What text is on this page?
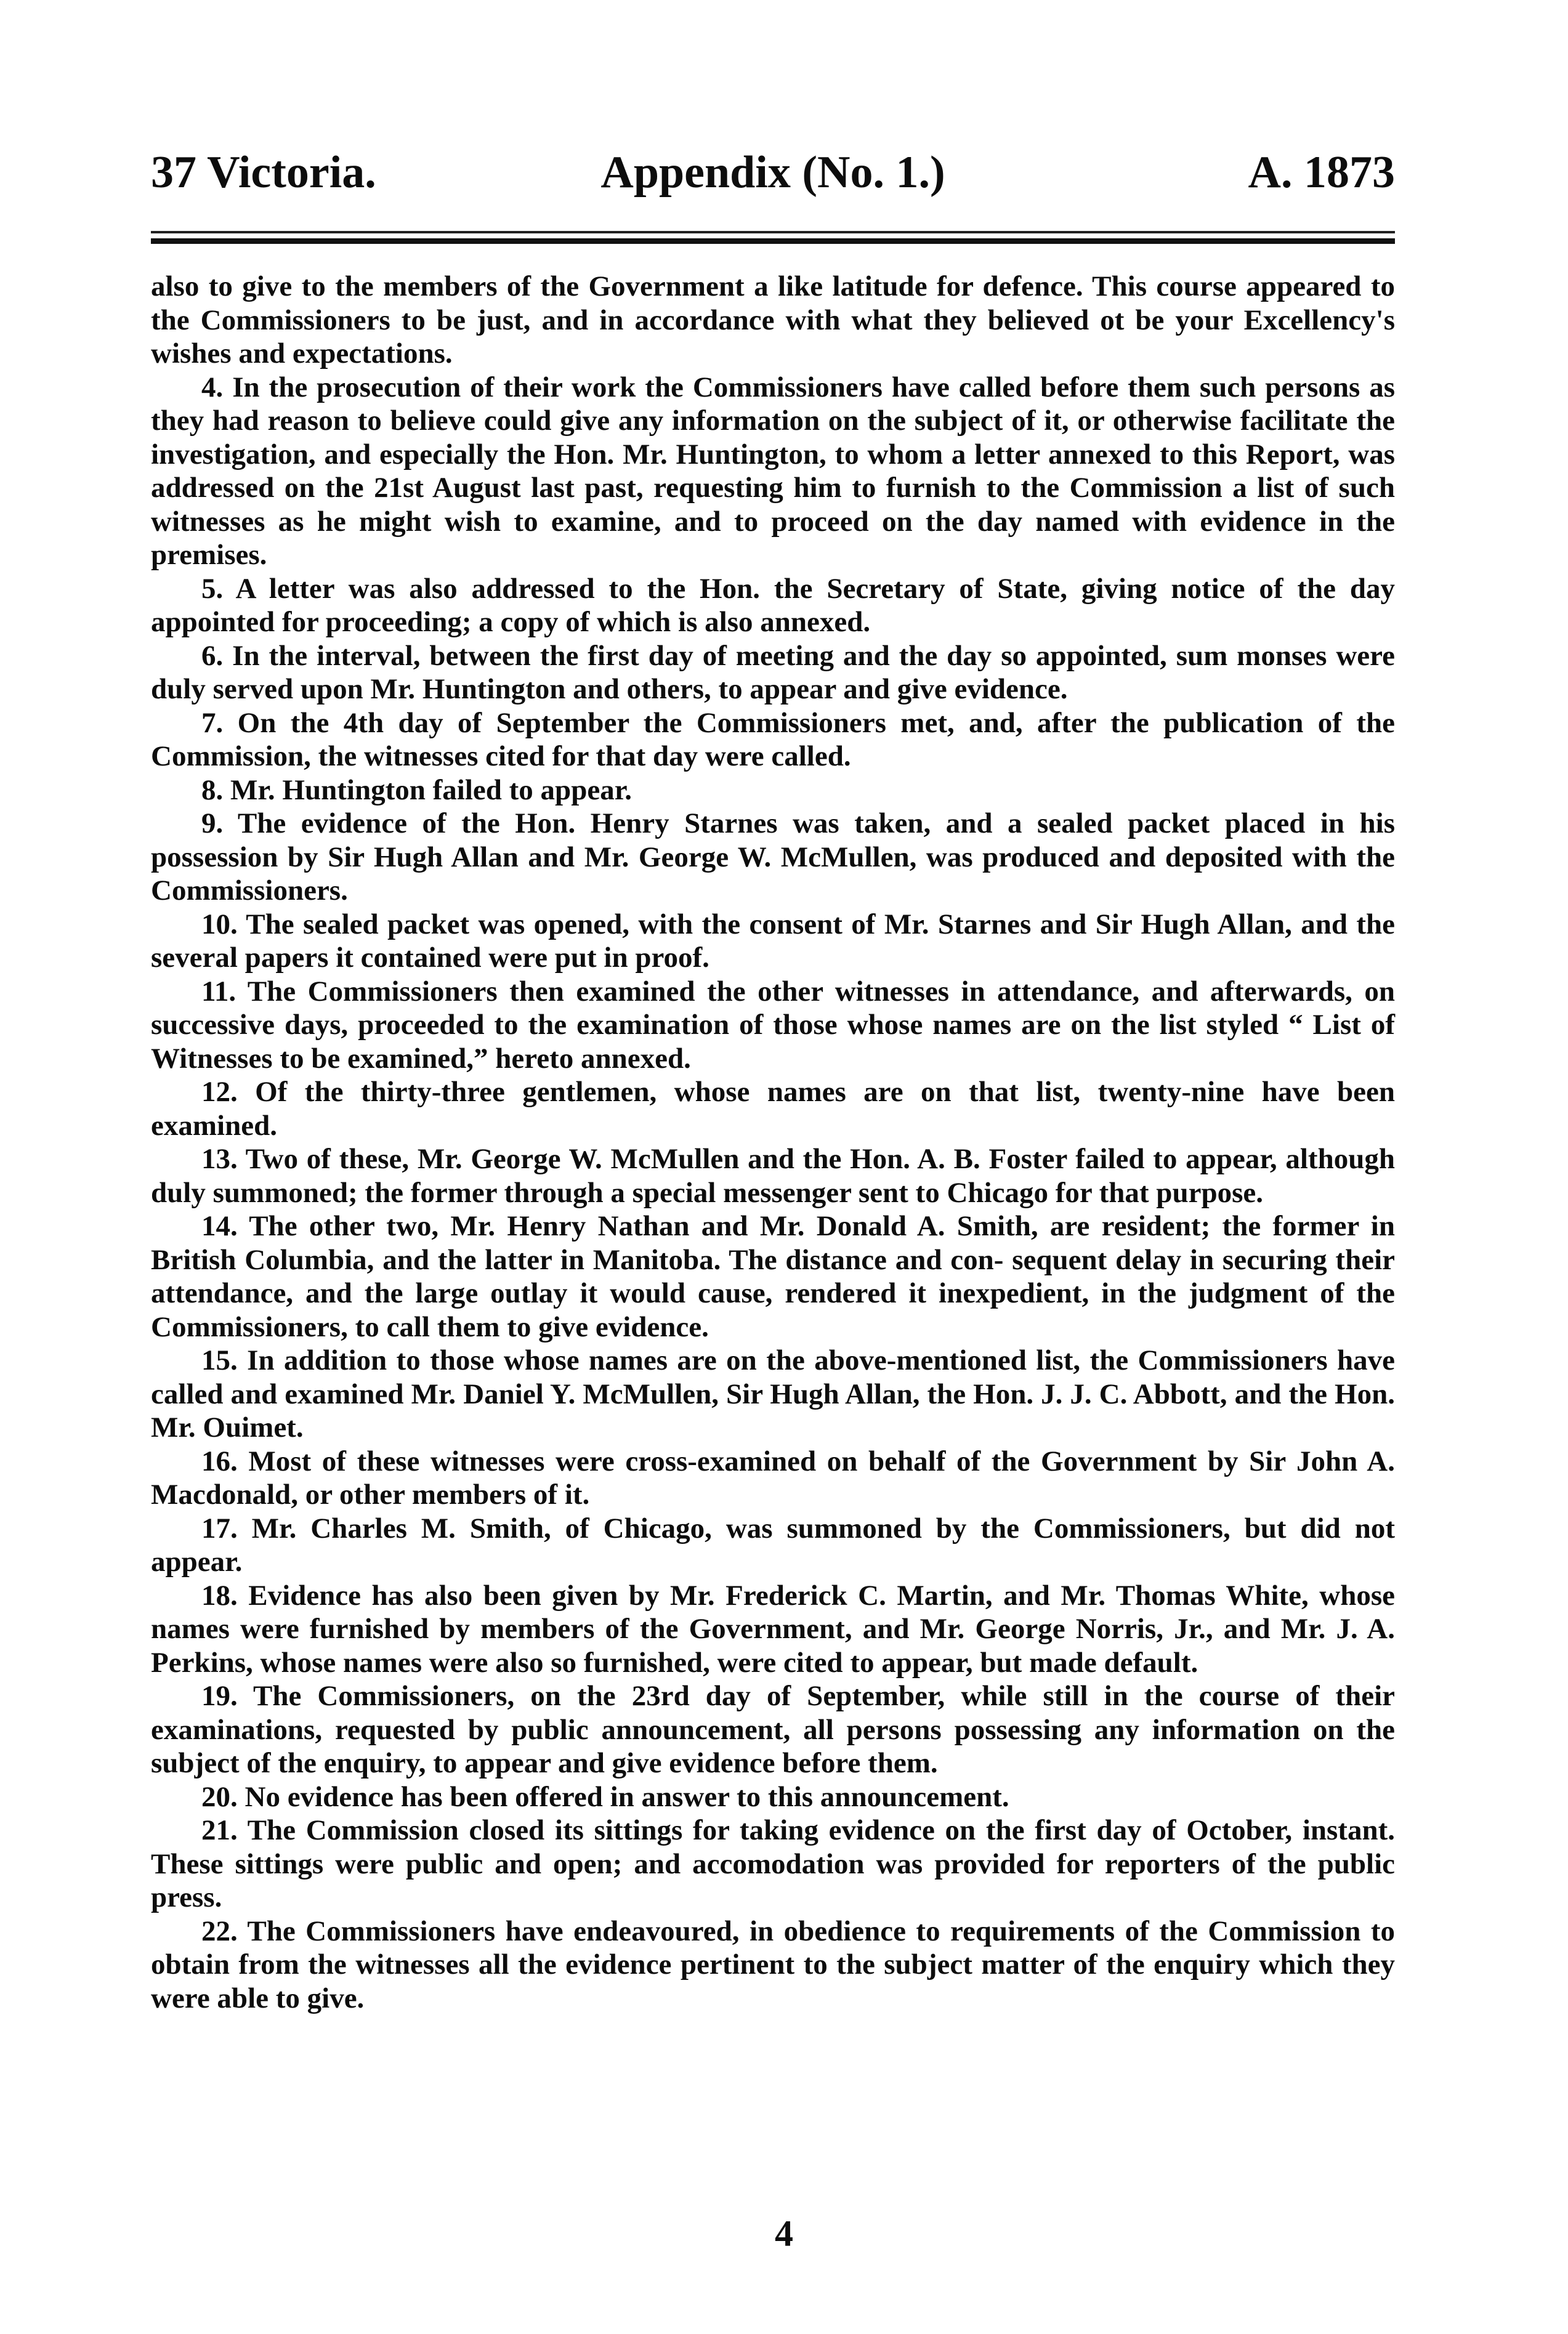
37 Victoria.	Appendix (No. 1.)	A. 1873

also to give to the members of the Government a like latitude for defence. This course appeared to the Commissioners to be just, and in accordance with what they believed ot be your Excellency's wishes and expectations.

4. In the prosecution of their work the Commissioners have called before them such persons as they had reason to believe could give any information on the subject of it, or otherwise facilitate the investigation, and especially the Hon. Mr. Huntington, to whom a letter annexed to this Report, was addressed on the 21st August last past, requesting him to furnish to the Commission a list of such witnesses as he might wish to examine, and to proceed on the day named with evidence in the premises.

5. A letter was also addressed to the Hon. the Secretary of State, giving notice of the day appointed for proceeding; a copy of which is also annexed.

6. In the interval, between the first day of meeting and the day so appointed, sum monses were duly served upon Mr. Huntington and others, to appear and give evidence.

7. On the 4th day of September the Commissioners met, and, after the publication of the Commission, the witnesses cited for that day were called.

8. Mr. Huntington failed to appear.

9. The evidence of the Hon. Henry Starnes was taken, and a sealed packet placed in his possession by Sir Hugh Allan and Mr. George W. McMullen, was produced and deposited with the Commissioners.

10. The sealed packet was opened, with the consent of Mr. Starnes and Sir Hugh Allan, and the several papers it contained were put in proof.

11. The Commissioners then examined the other witnesses in attendance, and afterwards, on successive days, proceeded to the examination of those whose names are on the list styled “ List of Witnesses to be examined,” hereto annexed.

12. Of the thirty-three gentlemen, whose names are on that list, twenty-nine have been examined.

13. Two of these, Mr. George W. McMullen and the Hon. A. B. Foster failed to appear, although duly summoned; the former through a special messenger sent to Chicago for that purpose.

14. The other two, Mr. Henry Nathan and Mr. Donald A. Smith, are resident; the former in British Columbia, and the latter in Manitoba. The distance and con- sequent delay in securing their attendance, and the large outlay it would cause, rendered it inexpedient, in the judgment of the Commissioners, to call them to give evidence.

15. In addition to those whose names are on the above-mentioned list, the Commissioners have called and examined Mr. Daniel Y. McMullen, Sir Hugh Allan, the Hon. J. J. C. Abbott, and the Hon. Mr. Ouimet.

16. Most of these witnesses were cross-examined on behalf of the Government by Sir John A. Macdonald, or other members of it.

17. Mr. Charles M. Smith, of Chicago, was summoned by the Commissioners, but did not appear.

18. Evidence has also been given by Mr. Frederick C. Martin, and Mr. Thomas White, whose names were furnished by members of the Government, and Mr. George Norris, Jr., and Mr. J. A. Perkins, whose names were also so furnished, were cited to appear, but made default.

19. The Commissioners, on the 23rd day of September, while still in the course of their examinations, requested by public announcement, all persons possessing any information on the subject of the enquiry, to appear and give evidence before them.

20. No evidence has been offered in answer to this announcement.

21. The Commission closed its sittings for taking evidence on the first day of October, instant. These sittings were public and open; and accomodation was provided for reporters of the public press.

22. The Commissioners have endeavoured, in obedience to requirements of the Commission to obtain from the witnesses all the evidence pertinent to the subject matter of the enquiry which they were able to give.

4
